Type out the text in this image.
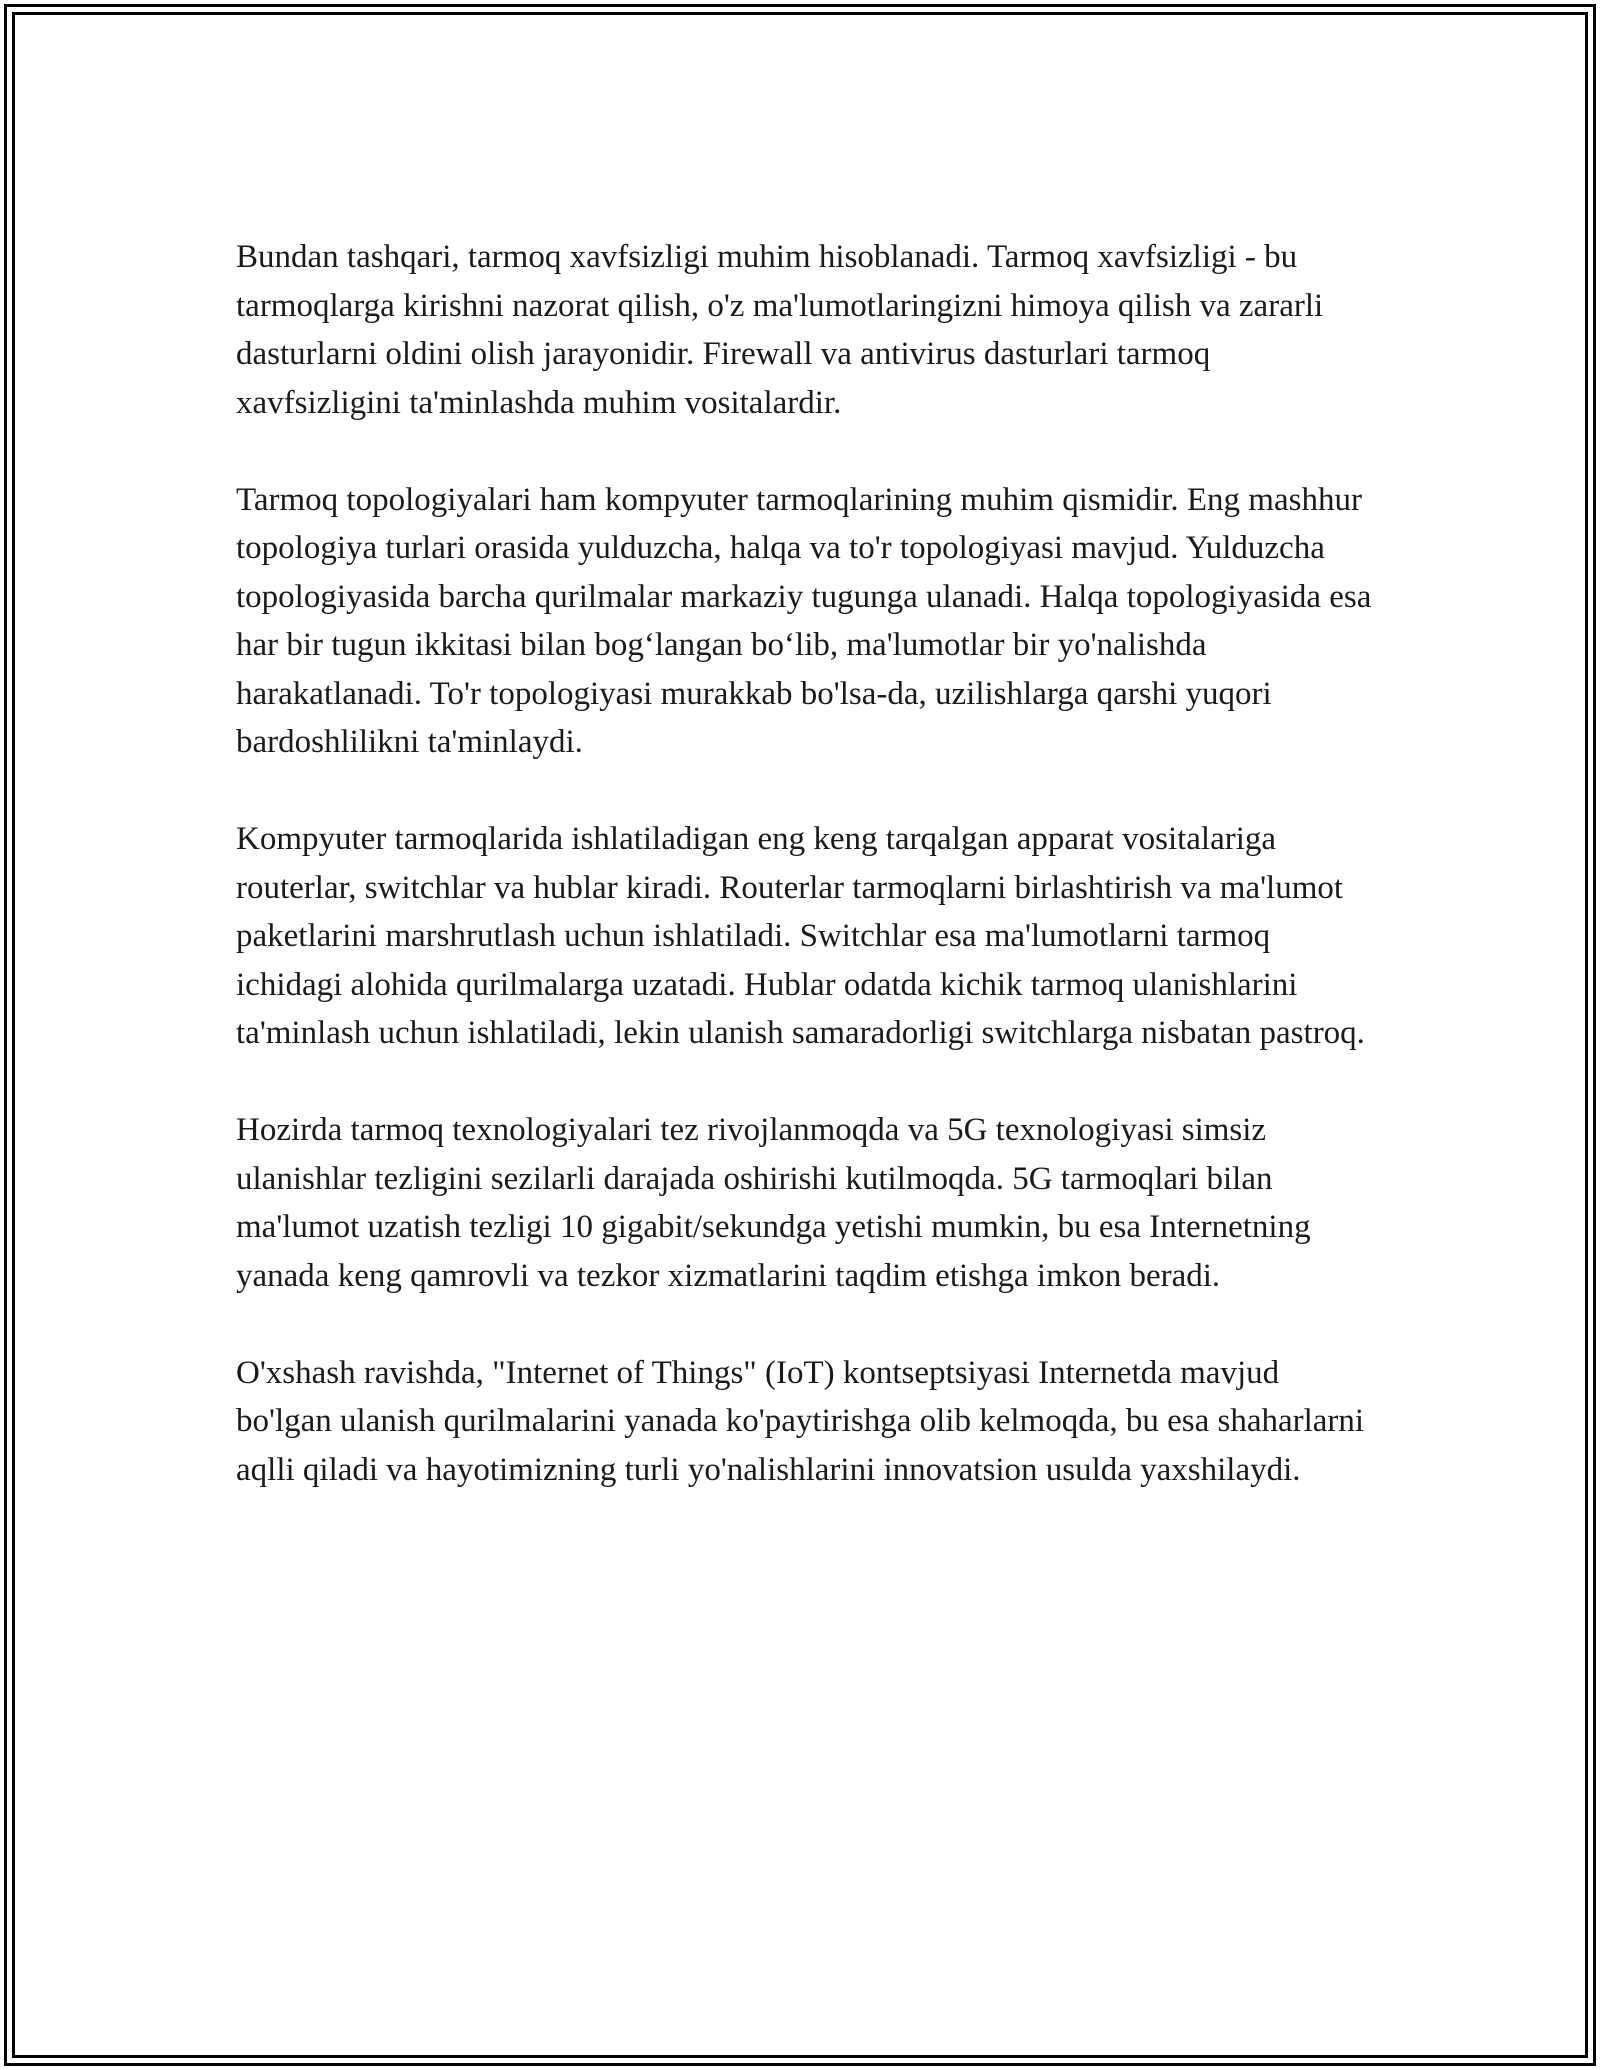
Bundan tashqari, tarmoq xavfsizligi muhim hisoblanadi. Tarmoq xavfsizligi - bu tarmoqlarga kirishni nazorat qilish, o'z ma'lumotlaringizni himoya qilish va zararli dasturlarni oldini olish jarayonidir. Firewall va antivirus dasturlari tarmoq xavfsizligini ta'minlashda muhim vositalardir.

Tarmoq topologiyalari ham kompyuter tarmoqlarining muhim qismidir. Eng mashhur topologiya turlari orasida yulduzcha, halqa va to'r topologiyasi mavjud. Yulduzcha topologiyasida barcha qurilmalar markaziy tugunga ulanadi. Halqa topologiyasida esa har bir tugun ikkitasi bilan bog‘langan bo‘lib, ma'lumotlar bir yo'nalishda harakatlanadi. To'r topologiyasi murakkab bo'lsa-da, uzilishlarga qarshi yuqori bardoshlilikni ta'minlaydi.

Kompyuter tarmoqlarida ishlatiladigan eng keng tarqalgan apparat vositalariga routerlar, switchlar va hublar kiradi. Routerlar tarmoqlarni birlashtirish va ma'lumot paketlarini marshrutlash uchun ishlatiladi. Switchlar esa ma'lumotlarni tarmoq ichidagi alohida qurilmalarga uzatadi. Hublar odatda kichik tarmoq ulanishlarini ta'minlash uchun ishlatiladi, lekin ulanish samaradorligi switchlarga nisbatan pastroq.

Hozirda tarmoq texnologiyalari tez rivojlanmoqda va 5G texnologiyasi simsiz ulanishlar tezligini sezilarli darajada oshirishi kutilmoqda. 5G tarmoqlari bilan ma'lumot uzatish tezligi 10 gigabit/sekundga yetishi mumkin, bu esa Internetning yanada keng qamrovli va tezkor xizmatlarini taqdim etishga imkon beradi.

O'xshash ravishda, "Internet of Things" (IoT) kontseptsiyasi Internetda mavjud bo'lgan ulanish qurilmalarini yanada ko'paytirishga olib kelmoqda, bu esa shaharlarni aqlli qiladi va hayotimizning turli yo'nalishlarini innovatsion usulda yaxshilaydi.
